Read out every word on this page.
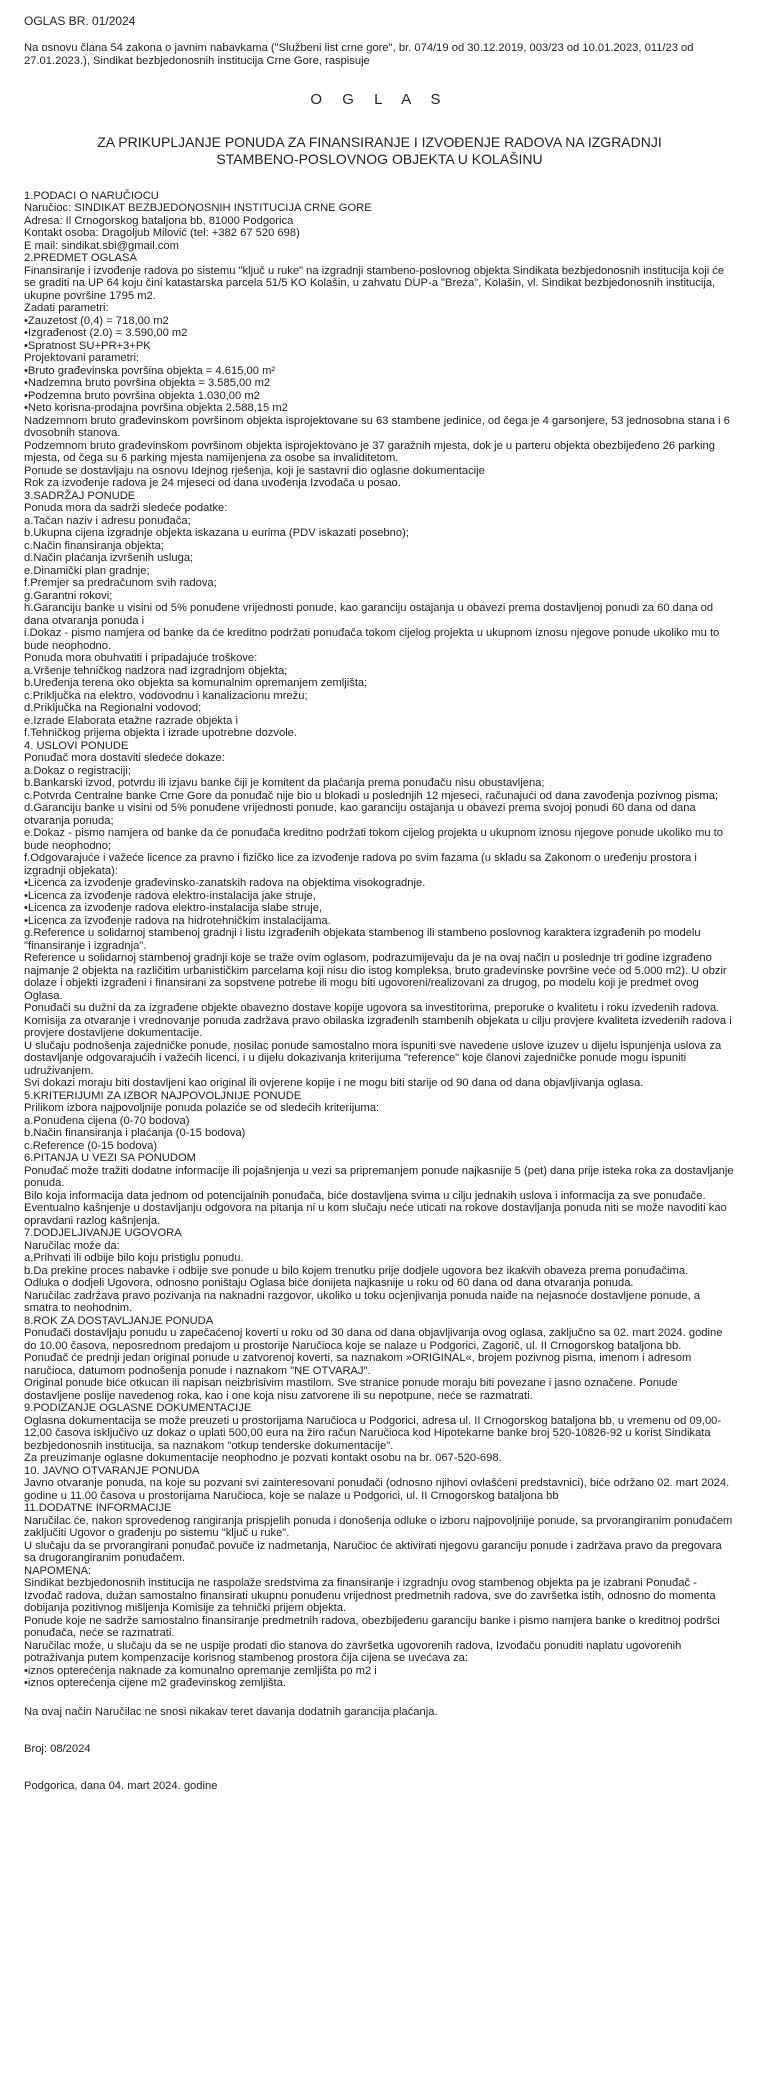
OGLAS BR. 01/2024
Na osnovu člana 54 zakona o javnim nabavkama ("Službeni list crne gore", br. 074/19 od 30.12.2019, 003/23 od 10.01.2023, 011/23 od 27.01.2023.), Sindikat bezbjedonosnih institucija Crne Gore, raspisuje
O G L A S
ZA PRIKUPLJANJE PONUDA ZA FINANSIRANJE I IZVOĐENJE RADOVA NA IZGRADNJI STAMBENO-POSLOVNOG OBJEKTA U KOLAŠINU

1.PODACI O NARUČIOCU

Naručioc: SINDIKAT BEZBJEDONOSNIH INSTITUCIJA CRNE GORE

Adresa: Il Crnogorskog bataljona bb, 81000 Podgorica

Kontakt osoba: Dragoljub Milović (tel: +382 67 520 698)

E mail: sindikat.sbi@gmail.com

2.PREDMET OGLASA

Finansiranje i izvođenje radova po sistemu "ključ u ruke" na izgradnji stambeno-poslovnog objekta Sindikata bezbjedonosnih institucija koji će se graditi na UP 64 koju čini katastarska parcela 51/5 KO Kolašin, u zahvatu DUP-a "Breza", Kolašin, vl. Sindikat bezbjedonosnih institucija, ukupne površine 1795 m2.

Zadati parametri:

•Zauzetost (0,4) = 718,00 m2

•Izgrađenost (2.0) = 3.590,00 m2

•Spratnost SU+PR+3+PK

Projektovani parametri:

•Bruto građevinska površina objekta = 4.615,00 m²

•Nadzemna bruto površina objekta = 3.585,00 m2

•Podzemna bruto površina objekta 1.030,00 m2

•Neto korisna-prodajna površina objekta 2.588,15 m2

Nadzemnom bruto građevinskom površinom objekta isprojektovane su 63 stambene jedinice, od čega je 4 garsonjere, 53 jednosobna stana i 6 dvosobnih stanova.

Podzemnom bruto građevinskom površinom objekta isprojektovano je 37 garažnih mjesta, dok je u parteru objekta obezbijeđeno 26 parking mjesta, od čega su 6 parking mjesta namijenjena za osobe sa invaliditetom.

Ponude se dostavljaju na osnovu Idejnog rješenja, koji je sastavni dio oglasne dokumentacije

Rok za izvođenje radova je 24 mjeseci od dana uvođenja Izvođača u posao.

3.SADRŽAJ PONUDE

Ponuda mora da sadrži sledeće podatke:

a.Tačan naziv i adresu ponuđača;

b.Ukupna cijena izgradnje objekta iskazana u eurima (PDV iskazati posebno);

c.Način finansiranja objekta;

d.Način plaćanja izvršenih usluga;

e.Dinamički plan gradnje;

f.Premjer sa predračunom svih radova;

g.Garantni rokovi;

h.Garanciju banke u visini od 5% ponuđene vrijednosti ponude, kao garanciju ostajanja u obavezi prema dostavljenoj ponudi za 60 dana od dana otvaranja ponuda i

i.Dokaz - pismo namjera od banke da će kreditno podržati ponuđača tokom cijelog projekta u ukupnom iznosu njegove ponude ukoliko mu to bude neophodno.

Ponuda mora obuhvatiti i pripadajuće troškove:

a.Vršenje tehničkog nadzora nad izgradnjom objekta;

b.Uređenja terena oko objekta sa komunalnim opremanjem zemljišta;

c.Priključka na elektro, vodovodnu i kanalizacionu mrežu;

d.Priključka na Regionalni vodovod;

e.Izrade Elaborata etažne razrade objekta i

f.Tehničkog prijema objekta i izrade upotrebne dozvole.

4. USLOVI PONUDE

Ponuđač mora dostaviti sledeće dokaze:

a.Dokaz o registraciji;

b.Bankarski izvod, potvrdu ili izjavu banke čiji je komitent da plaćanja prema ponuđaču nisu obustavljena;

c.Potvrda Centralne banke Crne Gore da ponuđač nije bio u blokadi u poslednjih 12 mjeseci, računajući od dana zavođenja pozivnog pisma;

d.Garanciju banke u visini od 5% ponuđene vrijednosti ponude, kao garanciju ostajanja u obavezi prema svojoj ponudi 60 dana od dana otvaranja ponuda;

e.Dokaz - pismo namjera od banke da će ponuđača kreditno podržati tokom cijelog projekta u ukupnom iznosu njegove ponude ukoliko mu to bude neophodno;

f.Odgovarajuće i važeće licence za pravno i fizičko lice za izvođenje radova po svim fazama (u skladu sa Zakonom o uređenju prostora i izgradnji objekata):

•Licenca za izvođenje građevinsko-zanatskih radova na objektima visokogradnje.

•Licenca za izvođenje radova elektro-instalacija jake struje,

•Licenca za izvođenje radova elektro-instalacija slabe struje,

•Licenca za izvođenje radova na hidrotehničkim instalacijama.

g.Reference u solidarnoj stambenoj gradnji i listu izgrađenih objekata stambenog ili stambeno poslovnog karaktera izgrađenih po modelu "finansiranje i izgradnja".

Reference u solidarnoj stambenoj gradnji koje se traže ovim oglasom, podrazumijevaju da je na ovaj način u poslednje tri godine izgrađeno najmanje 2 objekta na različitim urbanističkim parcelama koji nisu dio istog kompleksa, bruto građevinske površine veće od 5.000 m2). U obzir dolaze i objekti izgrađeni i finansirani za sopstvene potrebe ili mogu biti ugovoreni/realizovani za drugog, po modelu koji je predmet ovog Oglasa.

Ponuđači su dužni da za izgrađene objekte obavezno dostave kopije ugovora sa investitorima, preporuke o kvalitetu i roku izvedenih radova.

Komisija za otvaranje i vrednovanje ponuda zadržava pravo obilaska izgrađenih stambenih objekata u cilju provjere kvaliteta izvedenih radova i provjere dostavljene dokumentacije.

U slučaju podnošenja zajedničke ponude, nosilac ponude samostalno mora ispuniti sve navedene uslove izuzev u dijelu ispunjenja uslova za dostavljanje odgovarajućih i važećih licenci, i u dijelu dokazivanja kriterijuma "reference" koje članovi zajedničke ponude mogu ispuniti udruživanjem.

Svi dokazi moraju biti dostavljeni kao original ili ovjerene kopije i ne mogu biti starije od 90 dana od dana objavljivanja oglasa.

5.KRITERIJUMI ZA IZBOR NAJPOVOLJNIJE PONUDE

Prilikom izbora najpovoljnije ponuda polaziće se od sledećih kriterijuma:

a.Ponuđena cijena (0-70 bodova)

b.Način finansiranja i plaćanja (0-15 bodova)

c.Reference (0-15 bodova)

6.PITANJA U VEZI SA PONUDOM

Ponuđač može tražiti dodatne informacije ili pojašnjenja u vezi sa pripremanjem ponude najkasnije 5 (pet) dana prije isteka roka za dostavljanje ponuda.

Bilo koja informacija data jednom od potencijalnih ponuđača, biće dostavljena svima u cilju jednakih uslova i informacija za sve ponuđače. Eventualno kašnjenje u dostavljanju odgovora na pitanja ni u kom slučaju neće uticati na rokove dostavljanja ponuda niti se može navoditi kao opravdani razlog kašnjenja.

7.DODJELJIVANJE UGOVORA

Naručilac može da:

a.Prihvati ili odbije bilo koju pristiglu ponudu.

b.Da prekine proces nabavke i odbije sve ponude u bilo kojem trenutku prije dodjele ugovora bez ikakvih obaveza prema ponuđačima.

Odluka o dodjeli Ugovora, odnosno poništaju Oglasa biće donijeta najkasnije u roku od 60 dana od dana otvaranja ponuda.

Naručilac zadržava pravo pozivanja na naknadni razgovor, ukoliko u toku ocjenjivanja ponuda naiđe na nejasnoće dostavljene ponude, a smatra to neohodnim.

8.ROK ZA DOSTAVLJANJE PONUDA

Ponuđači dostavljaju ponudu u zapečaćenoj koverti u roku od 30 dana od dana objavljivanja ovog oglasa, zaključno sa 02. mart 2024. godine do 10.00 časova, neposrednom predajom u prostorije Naručioca koje se nalaze u Podgorici, Zagorič, ul. II Crnogorskog bataljona bb.

Ponuđač će prednji jedan original ponude u zatvorenoj koverti, sa naznakom »ORIGINAL«, brojem pozivnog pisma, imenom i adresom naručioca, datumom podnošenja ponude i naznakom "NE OTVARAJ".

Original ponude biće otkucan ili napisan neizbrisivim mastilom. Sve stranice ponude moraju biti povezane i jasno označene. Ponude dostavljene poslije navedenog roka, kao i one koja nisu zatvorene ili su nepotpune, neće se razmatrati.

9.PODIZANJE OGLASNE DOKUMENTACIJE

Oglasna dokumentacija se može preuzeti u prostorijama Naručioca u Podgorici, adresa ul. II Crnogorskog bataljona bb, u vremenu od 09,00-12,00 časova isključivo uz dokaz o uplati 500,00 eura na žiro račun Naručioca kod Hipotekarne banke broj 520-10826-92 u korist Sindikata bezbjedonosnih institucija, sa naznakom "otkup tenderske dokumentacije".

Za preuzimanje oglasne dokumentacije neophodno je pozvati kontakt osobu na br. 067-520-698.

10. JAVNO OTVARANJE PONUDA

Javno otvaranje ponuda, na koje su pozvani svi zainteresovani ponuđači (odnosno njihovi ovlašćeni predstavnici), biće održano 02. mart 2024. godine u 11.00 časova u prostorijama Naručioca, koje se nalaze u Podgorici, ul. II Crnogorskog bataljona bb

11.DODATNE INFORMACIJE

Naručilac će, nakon sprovedenog rangiranja prispjelih ponuda i donošenja odluke o izboru najpovoljnije ponude, sa prvorangiranim ponuđačem zaključiti Ugovor o građenju po sistemu "ključ u ruke".

U slučaju da se prvorangirani ponuđač povuče iz nadmetanja, Naručioc će aktivirati njegovu garanciju ponude i zadržava pravo da pregovara sa drugorangiranim ponuđačem.

NAPOMENA:

Sindikat bezbjedonosnih institucija ne raspolaže sredstvima za finansiranje i izgradnju ovog stambenog objekta pa je izabrani Ponuđač - Izvođač radova, dužan samostalno finansirati ukupnu ponuđenu vrijednost predmetnih radova, sve do završetka istih, odnosno do momenta dobijanja pozitivnog mišljenja Komisije za tehnički prijem objekta.

Ponude koje ne sadrže samostalno finansiranje predmetnih radova, obezbijeđenu garanciju banke i pismo namjera banke o kreditnoj podršci ponuđača, neće se razmatrati.

Naručilac može, u slučaju da se ne uspije prodati dio stanova do završetka ugovorenih radova, Izvođaču ponuditi naplatu ugovorenih potraživanja putem kompenzacije korisnog stambenog prostora čija cijena se uvećava za:

•iznos opterećenja naknade za komunalno opremanje zemljišta po m2 i

•iznos opterećenja cijene m2 građevinskog zemljišta.

Na ovaj način Naručilac ne snosi nikakav teret davanja dodatnih garancija plaćanja.

Broj: 08/2024

Podgorica, dana 04. mart 2024. godine
